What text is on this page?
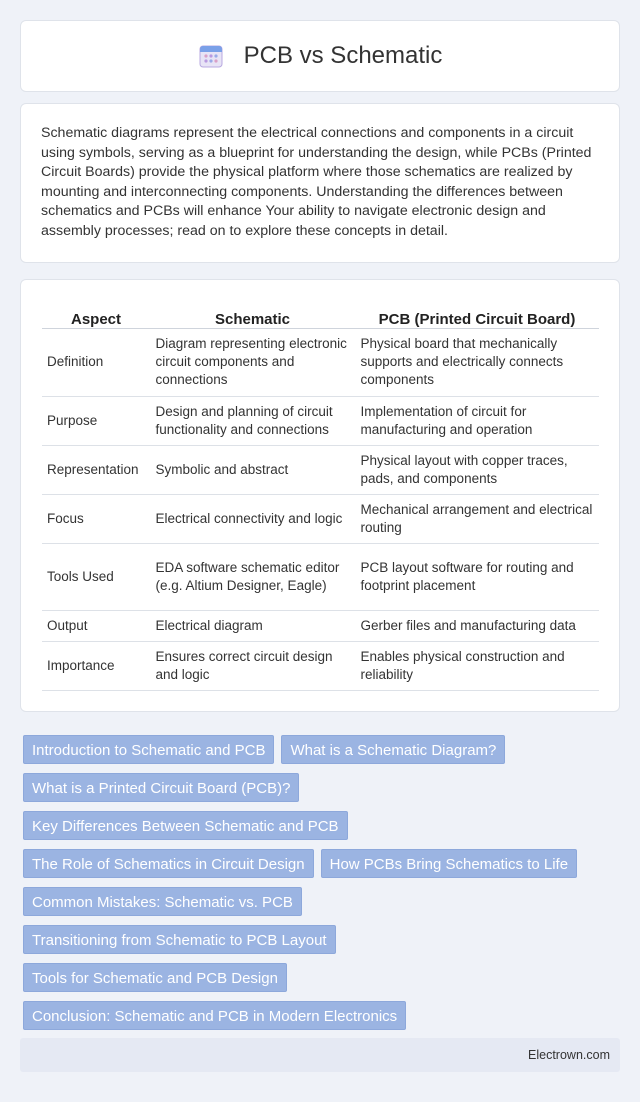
PCB vs Schematic

Schematic diagrams represent the electrical connections and components in a circuit using symbols, serving as a blueprint for understanding the design, while PCBs (Printed Circuit Boards) provide the physical platform where those schematics are realized by mounting and interconnecting components. Understanding the differences between schematics and PCBs will enhance Your ability to navigate electronic design and assembly processes; read on to explore these concepts in detail.

Aspect	Schematic	PCB (Printed Circuit Board)
Definition	Diagram representing electronic circuit components and connections	Physical board that mechanically supports and electrically connects components
Purpose	Design and planning of circuit functionality and connections	Implementation of circuit for manufacturing and operation
Representation	Symbolic and abstract	Physical layout with copper traces, pads, and components
Focus	Electrical connectivity and logic	Mechanical arrangement and electrical routing
Tools Used	EDA software schematic editor (e.g. Altium Designer, Eagle)	PCB layout software for routing and footprint placement
Output	Electrical diagram	Gerber files and manufacturing data
Importance	Ensures correct circuit design and logic	Enables physical construction and reliability
Introduction to Schematic and PCB	What is a Schematic Diagram?
What is a Printed Circuit Board (PCB)?
Key Differences Between Schematic and PCB
The Role of Schematics in Circuit Design	How PCBs Bring Schematics to Life
Common Mistakes: Schematic vs. PCB
Transitioning from Schematic to PCB Layout
Tools for Schematic and PCB Design
Conclusion: Schematic and PCB in Modern Electronics
Electrown.com
